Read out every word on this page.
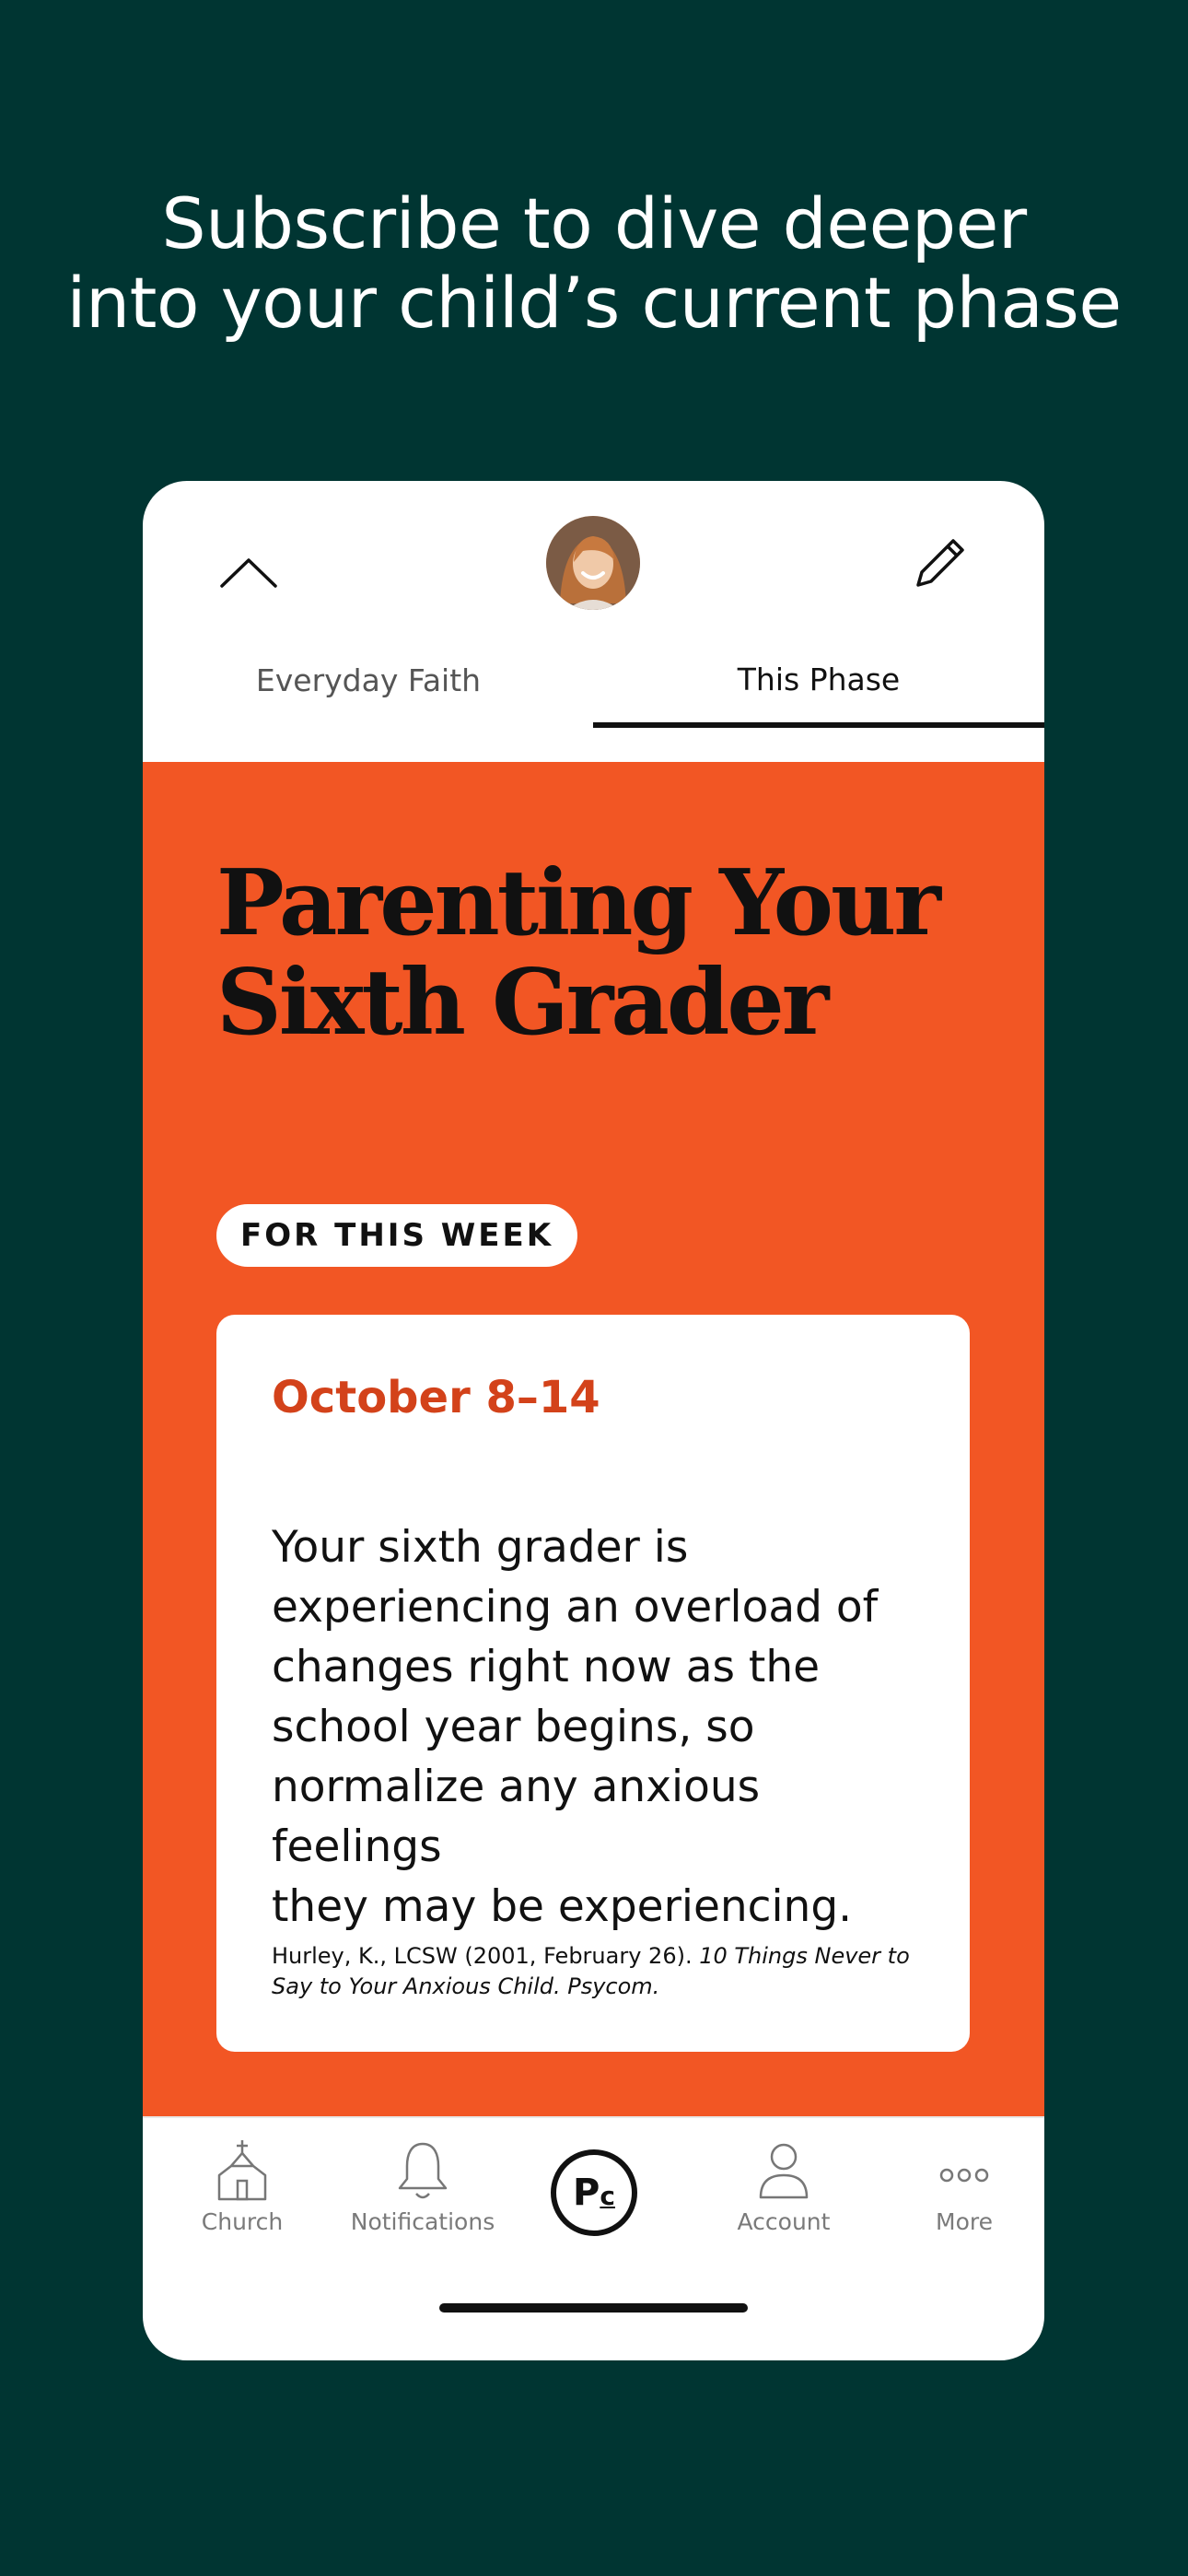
Subscribe to dive deeper
into your child’s current phase
Everyday Faith	This Phase
Parenting Your
Sixth Grader
FOR THIS WEEK
October 8–14
Your sixth grader is
experiencing an overload of
changes right now as the
school year begins, so
normalize any anxious feelings
they may be experiencing.
Hurley, K., LCSW (2001, February 26). 10 Things Never to Say to Your Anxious Child. Psycom.
Church	Notifications
Pc
Account	More
